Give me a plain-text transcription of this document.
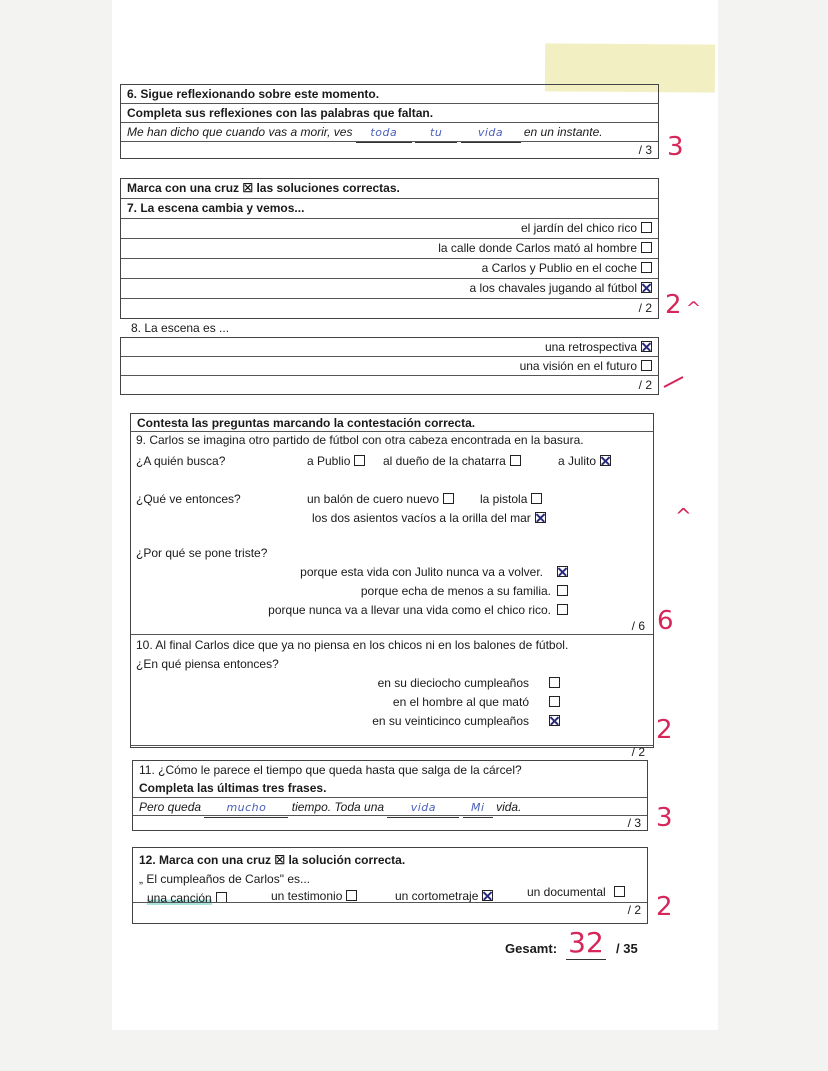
6. Sigue reflexionando sobre este momento.
Completa sus reflexiones con las palabras que faltan.
Me han dicho que cuando vas a morir, ves toda	tu	vida en un instante.
/ 3 3
Marca con una cruz ☒ las soluciones correctas.
7. La escena cambia y vemos...
el jardín del chico rico
la calle donde Carlos mató al hombre
a Carlos y Publio en el coche
a los chavales jugando al fútbol
/ 2 2 ^
8. La escena es ...
una retrospectiva
una visión en el futuro
/ 2
Contesta las preguntas marcando la contestación correcta.
9. Carlos se imagina otro partido de fútbol con otra cabeza encontrada en la basura.
¿A quién busca?	a Publio	al dueño de la chatarra	a Julito
¿Qué ve entonces?	un balón de cuero nuevo	la pistola
los dos asientos vacíos a la orilla del mar
¿Por qué se pone triste?
porque esta vida con Julito nunca va a volver.
porque echa de menos a su familia.
porque nunca va a llevar una vida como el chico rico.
/ 6
10. Al final Carlos dice que ya no piensa en los chicos ni en los balones de fútbol.
¿En qué piensa entonces?
en su dieciocho cumpleaños
en el hombre al que mató
en su veinticinco cumpleaños
/ 2
^
6
2
11. ¿Cómo le parece el tiempo que queda hasta que salga de la cárcel?
Completa las últimas tres frases.
Pero queda mucho tiempo. Toda una vida	Mi vida.
/ 3 3
12. Marca con una cruz ☒ la solución correcta.
„ El cumpleaños de Carlos" es...
una canción	un testimonio	un cortometraje	un documental
/ 2 2
Gesamt: 32 / 35
